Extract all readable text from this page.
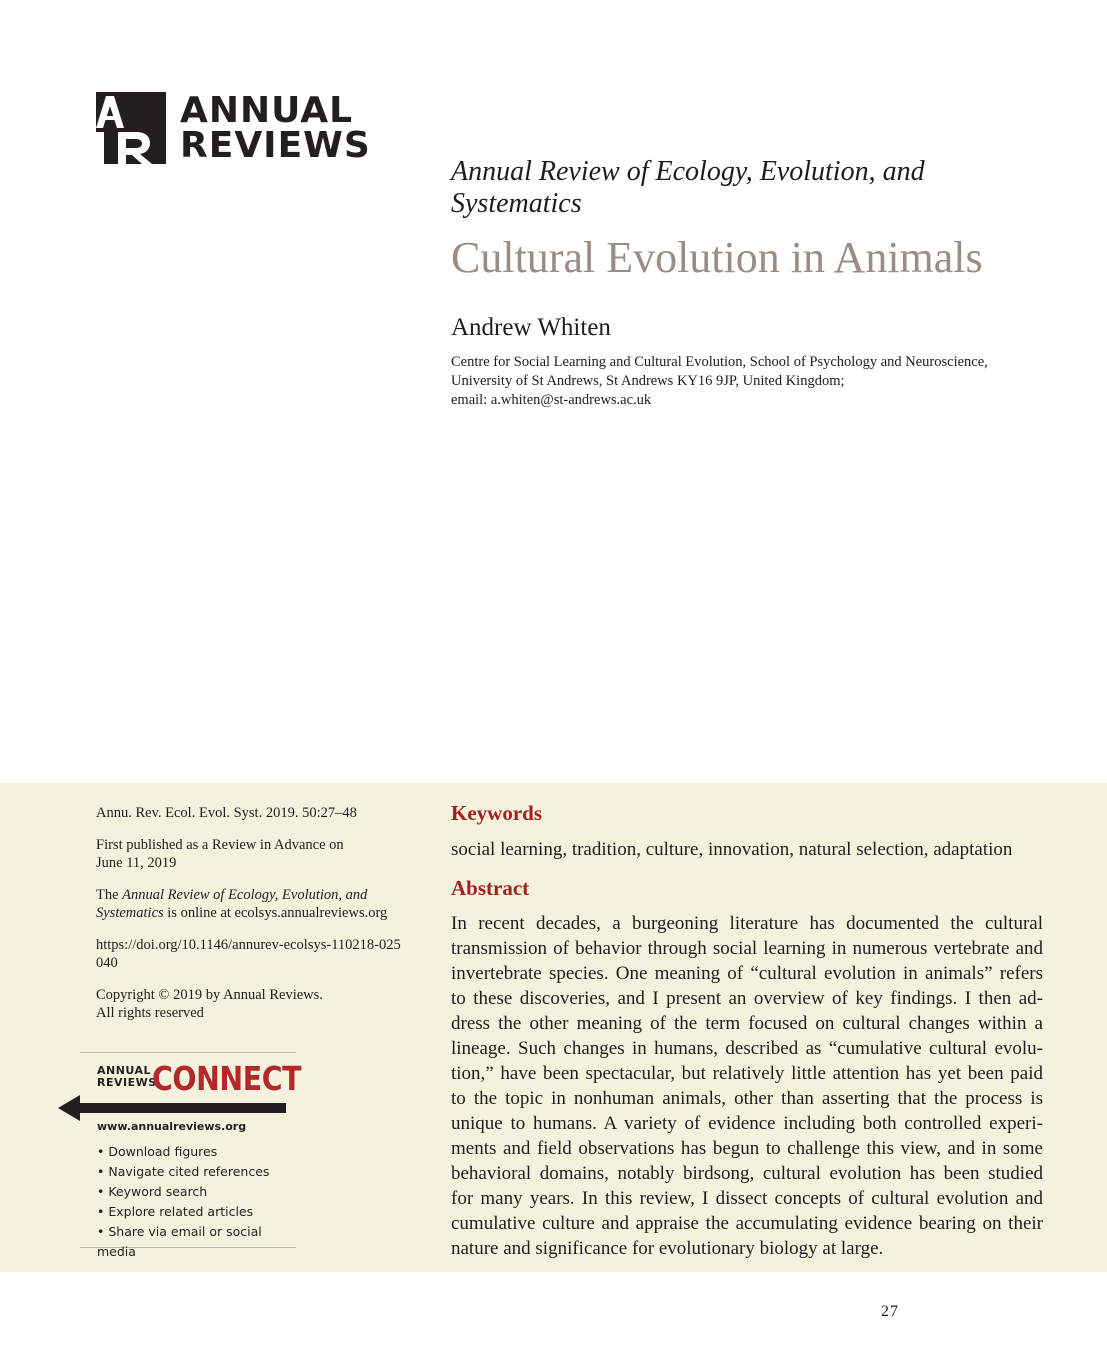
ANNUAL
REVIEWS
Annual Review of Ecology, Evolution, and Systematics
Cultural Evolution in Animals
Andrew Whiten
Centre for Social Learning and Cultural Evolution, School of Psychology and Neuroscience,
University of St Andrews, St Andrews KY16 9JP, United Kingdom;
email: a.whiten@st-andrews.ac.uk

Annu. Rev. Ecol. Evol. Syst. 2019. 50:27–48

First published as a Review in Advance on June 11, 2019

The Annual Review of Ecology, Evolution, and Systematics is online at ecolsys.annualreviews.org

https://doi.org/10.1146/annurev-ecolsys-110218-025040

Copyright © 2019 by Annual Reviews.
All rights reserved

ANNUAL
REVIEWS
CONNECT
www.annualreviews.org
• Download figures
• Navigate cited references
• Keyword search
• Explore related articles
• Share via email or social media
Keywords
social learning, tradition, culture, innovation, natural selection, adaptation
Abstract
In recent decades, a burgeoning literature has documented the cultural
transmission of behavior through social learning in numerous vertebrate and
invertebrate species. One meaning of “cultural evolution in animals” refers
to these discoveries, and I present an overview of key findings. I then ad-
dress the other meaning of the term focused on cultural changes within a
lineage. Such changes in humans, described as “cumulative cultural evolu-
tion,” have been spectacular, but relatively little attention has yet been paid
to the topic in nonhuman animals, other than asserting that the process is
unique to humans. A variety of evidence including both controlled experi-
ments and field observations has begun to challenge this view, and in some
behavioral domains, notably birdsong, cultural evolution has been studied
for many years. In this review, I dissect concepts of cultural evolution and
cumulative culture and appraise the accumulating evidence bearing on their
nature and significance for evolutionary biology at large.
27
